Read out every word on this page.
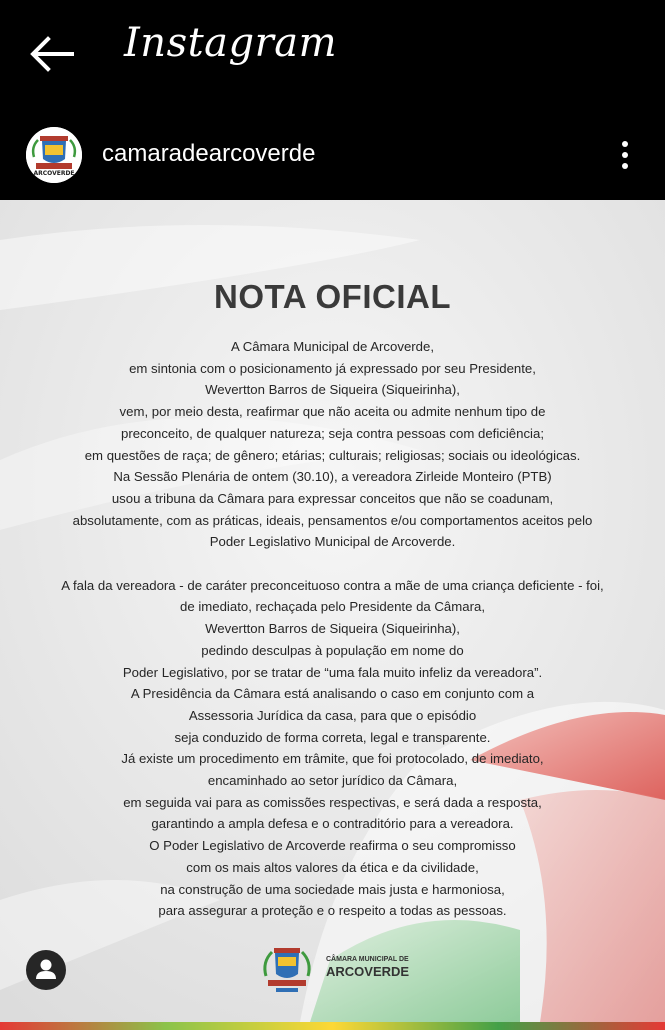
Instagram
ARCOVERDE
camaradearcoverde
NOTA OFICIAL
A Câmara Municipal de Arcoverde,
em sintonia com o posicionamento já expressado por seu Presidente,
Wevertton Barros de Siqueira (Siqueirinha),
vem, por meio desta, reafirmar que não aceita ou admite nenhum tipo de
preconceito, de qualquer natureza; seja contra pessoas com deficiência;
em questões de raça; de gênero; etárias; culturais; religiosas; sociais ou ideológicas.
Na Sessão Plenária de ontem (30.10), a vereadora Zirleide Monteiro (PTB)
usou a tribuna da Câmara para expressar conceitos que não se coadunam,
absolutamente, com as práticas, ideais, pensamentos e/ou comportamentos aceitos pelo
Poder Legislativo Municipal de Arcoverde.
A fala da vereadora - de caráter preconceituoso contra a mãe de uma criança deficiente - foi,
de imediato, rechaçada pelo Presidente da Câmara,
Wevertton Barros de Siqueira (Siqueirinha),
pedindo desculpas à população em nome do
Poder Legislativo, por se tratar de “uma fala muito infeliz da vereadora”.
A Presidência da Câmara está analisando o caso em conjunto com a
Assessoria Jurídica da casa, para que o episódio
seja conduzido de forma correta, legal e transparente.
Já existe um procedimento em trâmite, que foi protocolado, de imediato,
encaminhado ao setor jurídico da Câmara,
em seguida vai para as comissões respectivas, e será dada a resposta,
garantindo a ampla defesa e o contraditório para a vereadora.
O Poder Legislativo de Arcoverde reafirma o seu compromisso
com os mais altos valores da ética e da civilidade,
na construção de uma sociedade mais justa e harmoniosa,
para assegurar a proteção e o respeito a todas as pessoas.
CÂMARA MUNICIPAL DE
ARCOVERDE
